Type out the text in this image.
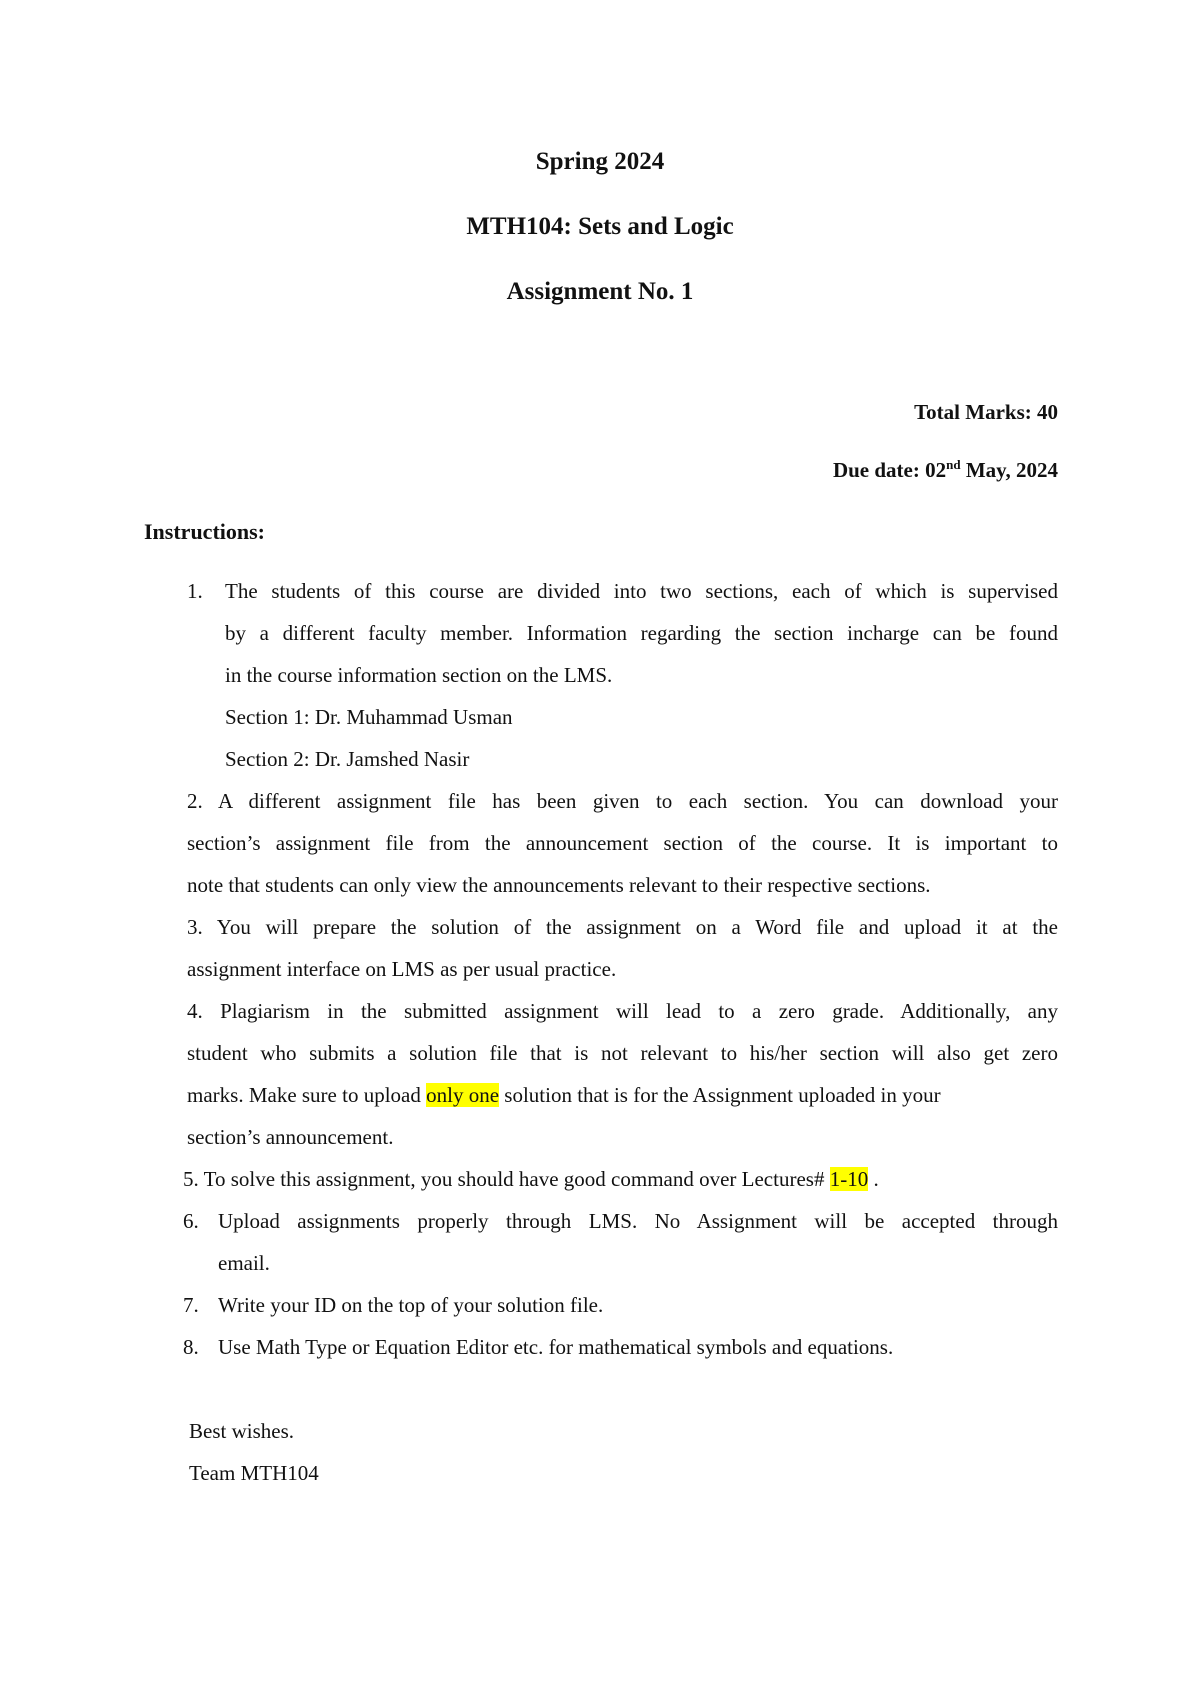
Spring 2024
MTH104: Sets and Logic
Assignment No. 1
Total Marks: 40
Due date: 02nd May, 2024
Instructions:
1. The students of this course are divided into two sections, each of which is supervised
by a different faculty member. Information regarding the section incharge can be found
in the course information section on the LMS.
Section 1: Dr. Muhammad Usman
Section 2: Dr. Jamshed Nasir
2. A different assignment file has been given to each section. You can download your
section’s assignment file from the announcement section of the course. It is important to
note that students can only view the announcements relevant to their respective sections.
3. You will prepare the solution of the assignment on a Word file and upload it at the
assignment interface on LMS as per usual practice.
4. Plagiarism in the submitted assignment will lead to a zero grade. Additionally, any
student who submits a solution file that is not relevant to his/her section will also get zero
marks. Make sure to upload only one solution that is for the Assignment uploaded in your
section’s announcement.
5. To solve this assignment, you should have good command over Lectures# 1-10 .
6. Upload assignments properly through LMS. No Assignment will be accepted through
email.
7. Write your ID on the top of your solution file.
8. Use Math Type or Equation Editor etc. for mathematical symbols and equations.
Best wishes.
Team MTH104
